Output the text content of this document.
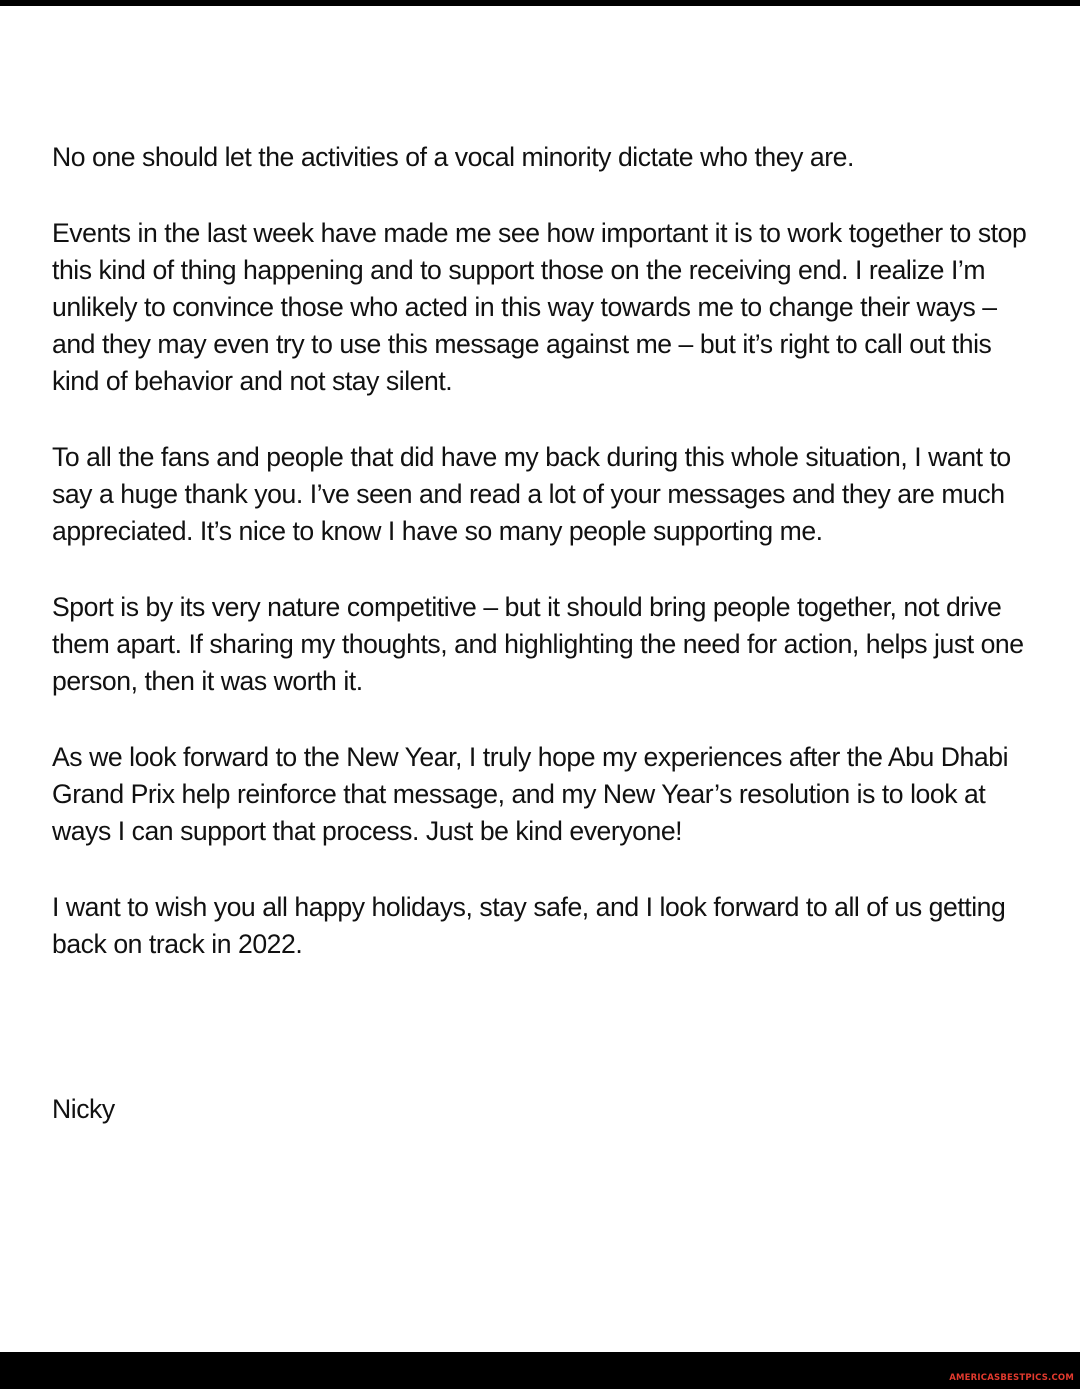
No one should let the activities of a vocal minority dictate who they are.

Events in the last week have made me see how important it is to work together to stop this kind of thing happening and to support those on the receiving end. I realize I’m unlikely to convince those who acted in this way towards me to change their ways – and they may even try to use this message against me – but it’s right to call out this kind of behavior and not stay silent.

To all the fans and people that did have my back during this whole situation, I want to say a huge thank you. I’ve seen and read a lot of your messages and they are much appreciated. It’s nice to know I have so many people supporting me.

Sport is by its very nature competitive – but it should bring people together, not drive them apart. If sharing my thoughts, and highlighting the need for action, helps just one person, then it was worth it.

As we look forward to the New Year, I truly hope my experiences after the Abu Dhabi Grand Prix help reinforce that message, and my New Year’s resolution is to look at ways I can support that process. Just be kind everyone!

I want to wish you all happy holidays, stay safe, and I look forward to all of us getting back on track in 2022.

Nicky

AMERICASBESTPICS.COM
